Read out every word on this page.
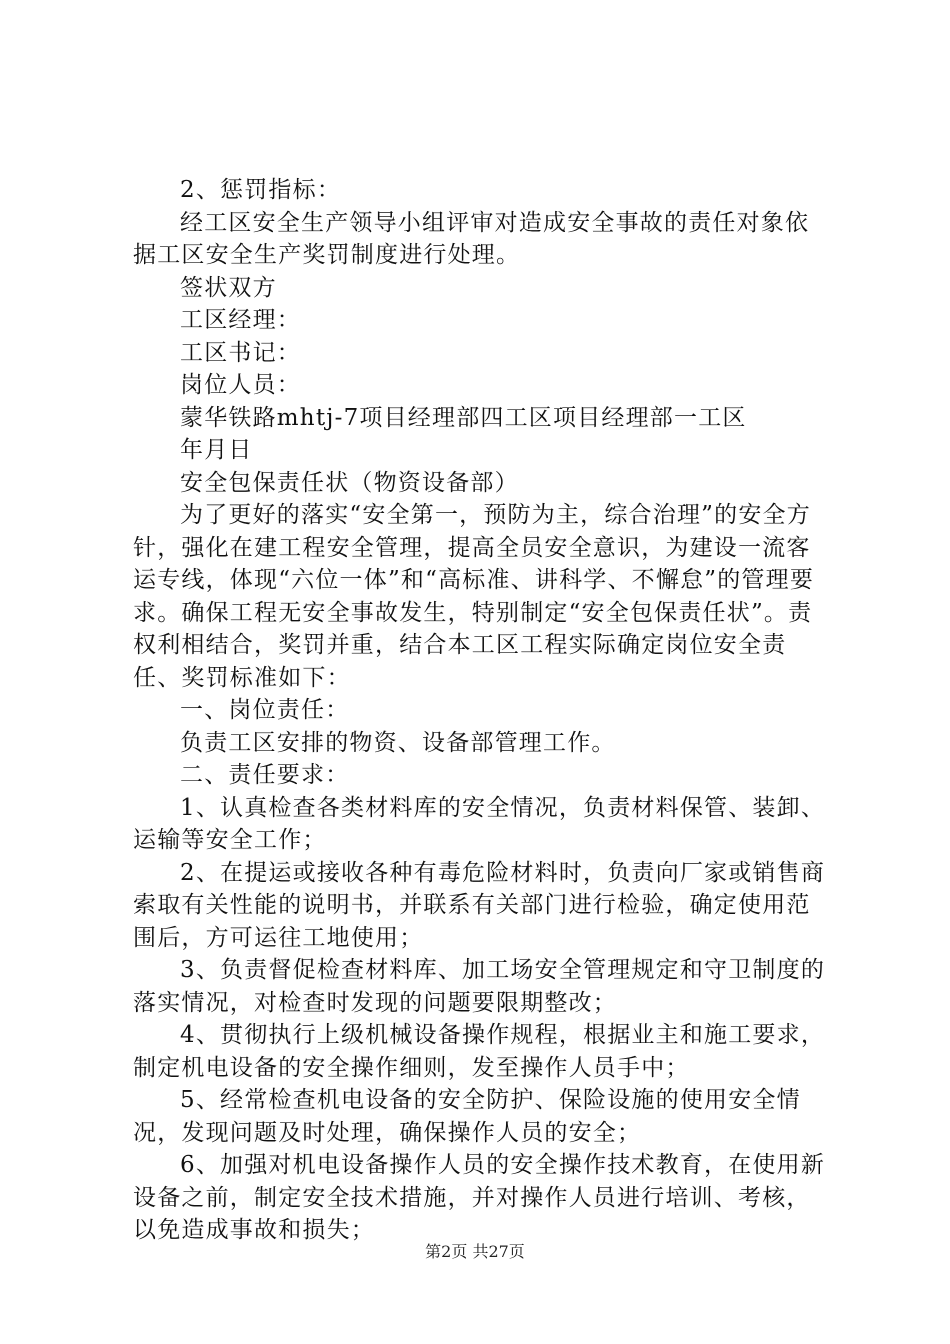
2、惩罚指标：

经工区安全生产领导小组评审对造成安全事故的责任对象依据工区安全生产奖罚制度进行处理。

签状双方

工区经理：

工区书记：

岗位人员：

蒙华铁路mhtj-7项目经理部四工区项目经理部一工区

年月日

安全包保责任状（物资设备部）

为了更好的落实“安全第一，预防为主，综合治理”的安全方针，强化在建工程安全管理，提高全员安全意识，为建设一流客运专线，体现“六位一体”和“高标准、讲科学、不懈怠”的管理要求。确保工程无安全事故发生，特别制定“安全包保责任状”。责权利相结合，奖罚并重，结合本工区工程实际确定岗位安全责任、奖罚标准如下：

一、岗位责任：

负责工区安排的物资、设备部管理工作。

二、责任要求：

1、认真检查各类材料库的安全情况，负责材料保管、装卸、运输等安全工作；

2、在提运或接收各种有毒危险材料时，负责向厂家或销售商索取有关性能的说明书，并联系有关部门进行检验，确定使用范围后，方可运往工地使用；

3、负责督促检查材料库、加工场安全管理规定和守卫制度的落实情况，对检查时发现的问题要限期整改；

4、贯彻执行上级机械设备操作规程，根据业主和施工要求，制定机电设备的安全操作细则，发至操作人员手中；

5、经常检查机电设备的安全防护、保险设施的使用安全情况，发现问题及时处理，确保操作人员的安全；

6、加强对机电设备操作人员的安全操作技术教育，在使用新设备之前，制定安全技术措施，并对操作人员进行培训、考核，以免造成事故和损失；

第2页 共27页
